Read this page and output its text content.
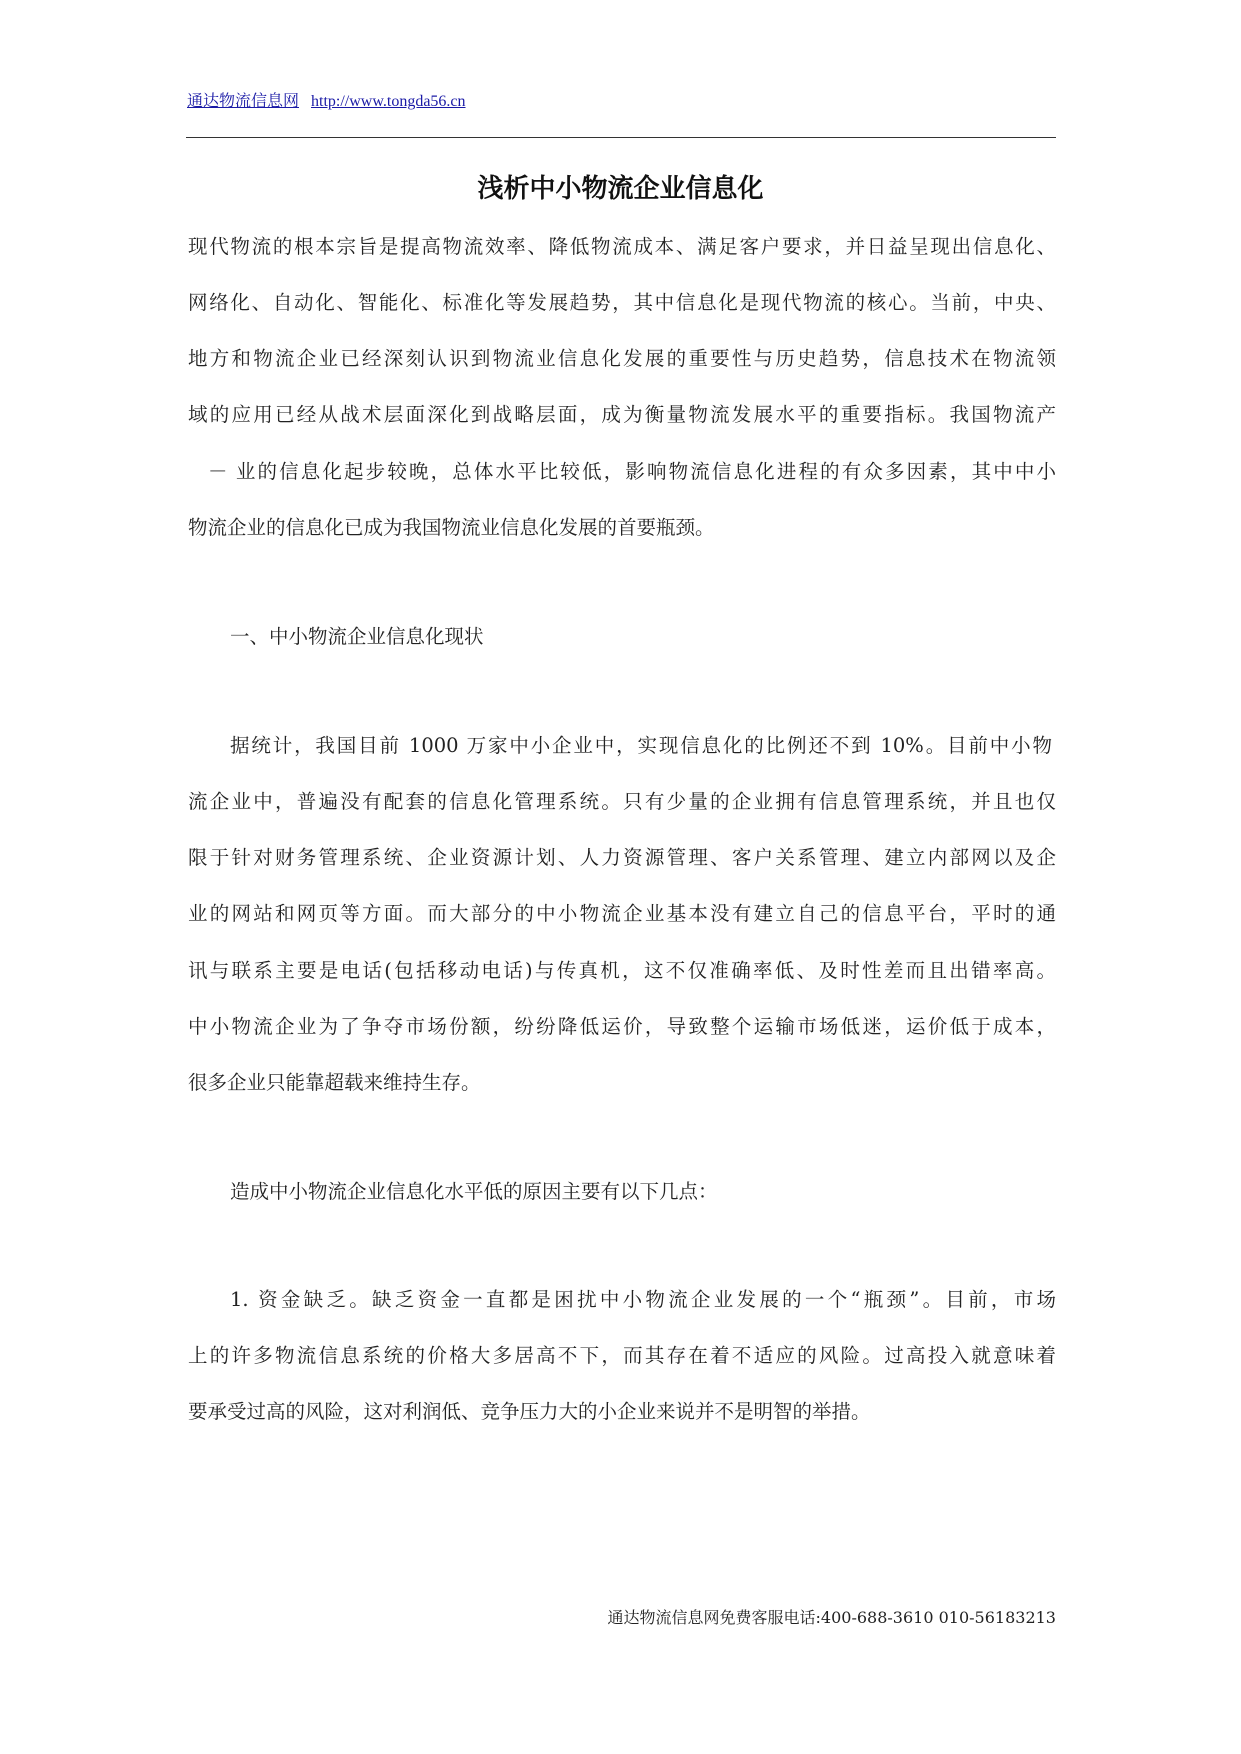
通达物流信息网 http://www.tongda56.cn
浅析中小物流企业信息化
现代物流的根本宗旨是提高物流效率、降低物流成本、满足客户要求，并日益呈现出信息化、
网络化、自动化、智能化、标准化等发展趋势，其中信息化是现代物流的核心。当前，中央、
地方和物流企业已经深刻认识到物流业信息化发展的重要性与历史趋势，信息技术在物流领
域的应用已经从战术层面深化到战略层面，成为衡量物流发展水平的重要指标。我国物流产
－ 业的信息化起步较晚，总体水平比较低，影响物流信息化进程的有众多因素，其中中小
物流企业的信息化已成为我国物流业信息化发展的首要瓶颈。
一、中小物流企业信息化现状
据统计，我国目前 1000 万家中小企业中，实现信息化的比例还不到 10%。目前中小物
流企业中，普遍没有配套的信息化管理系统。只有少量的企业拥有信息管理系统，并且也仅
限于针对财务管理系统、企业资源计划、人力资源管理、客户关系管理、建立内部网以及企
业的网站和网页等方面。而大部分的中小物流企业基本没有建立自己的信息平台，平时的通
讯与联系主要是电话(包括移动电话)与传真机，这不仅准确率低、及时性差而且出错率高。
中小物流企业为了争夺市场份额，纷纷降低运价，导致整个运输市场低迷，运价低于成本，
很多企业只能靠超载来维持生存。
造成中小物流企业信息化水平低的原因主要有以下几点：
1. 资金缺乏。缺乏资金一直都是困扰中小物流企业发展的一个“瓶颈”。目前，市场
上的许多物流信息系统的价格大多居高不下，而其存在着不适应的风险。过高投入就意味着
要承受过高的风险，这对利润低、竞争压力大的小企业来说并不是明智的举措。
通达物流信息网免费客服电话:400-688-3610 010-56183213
